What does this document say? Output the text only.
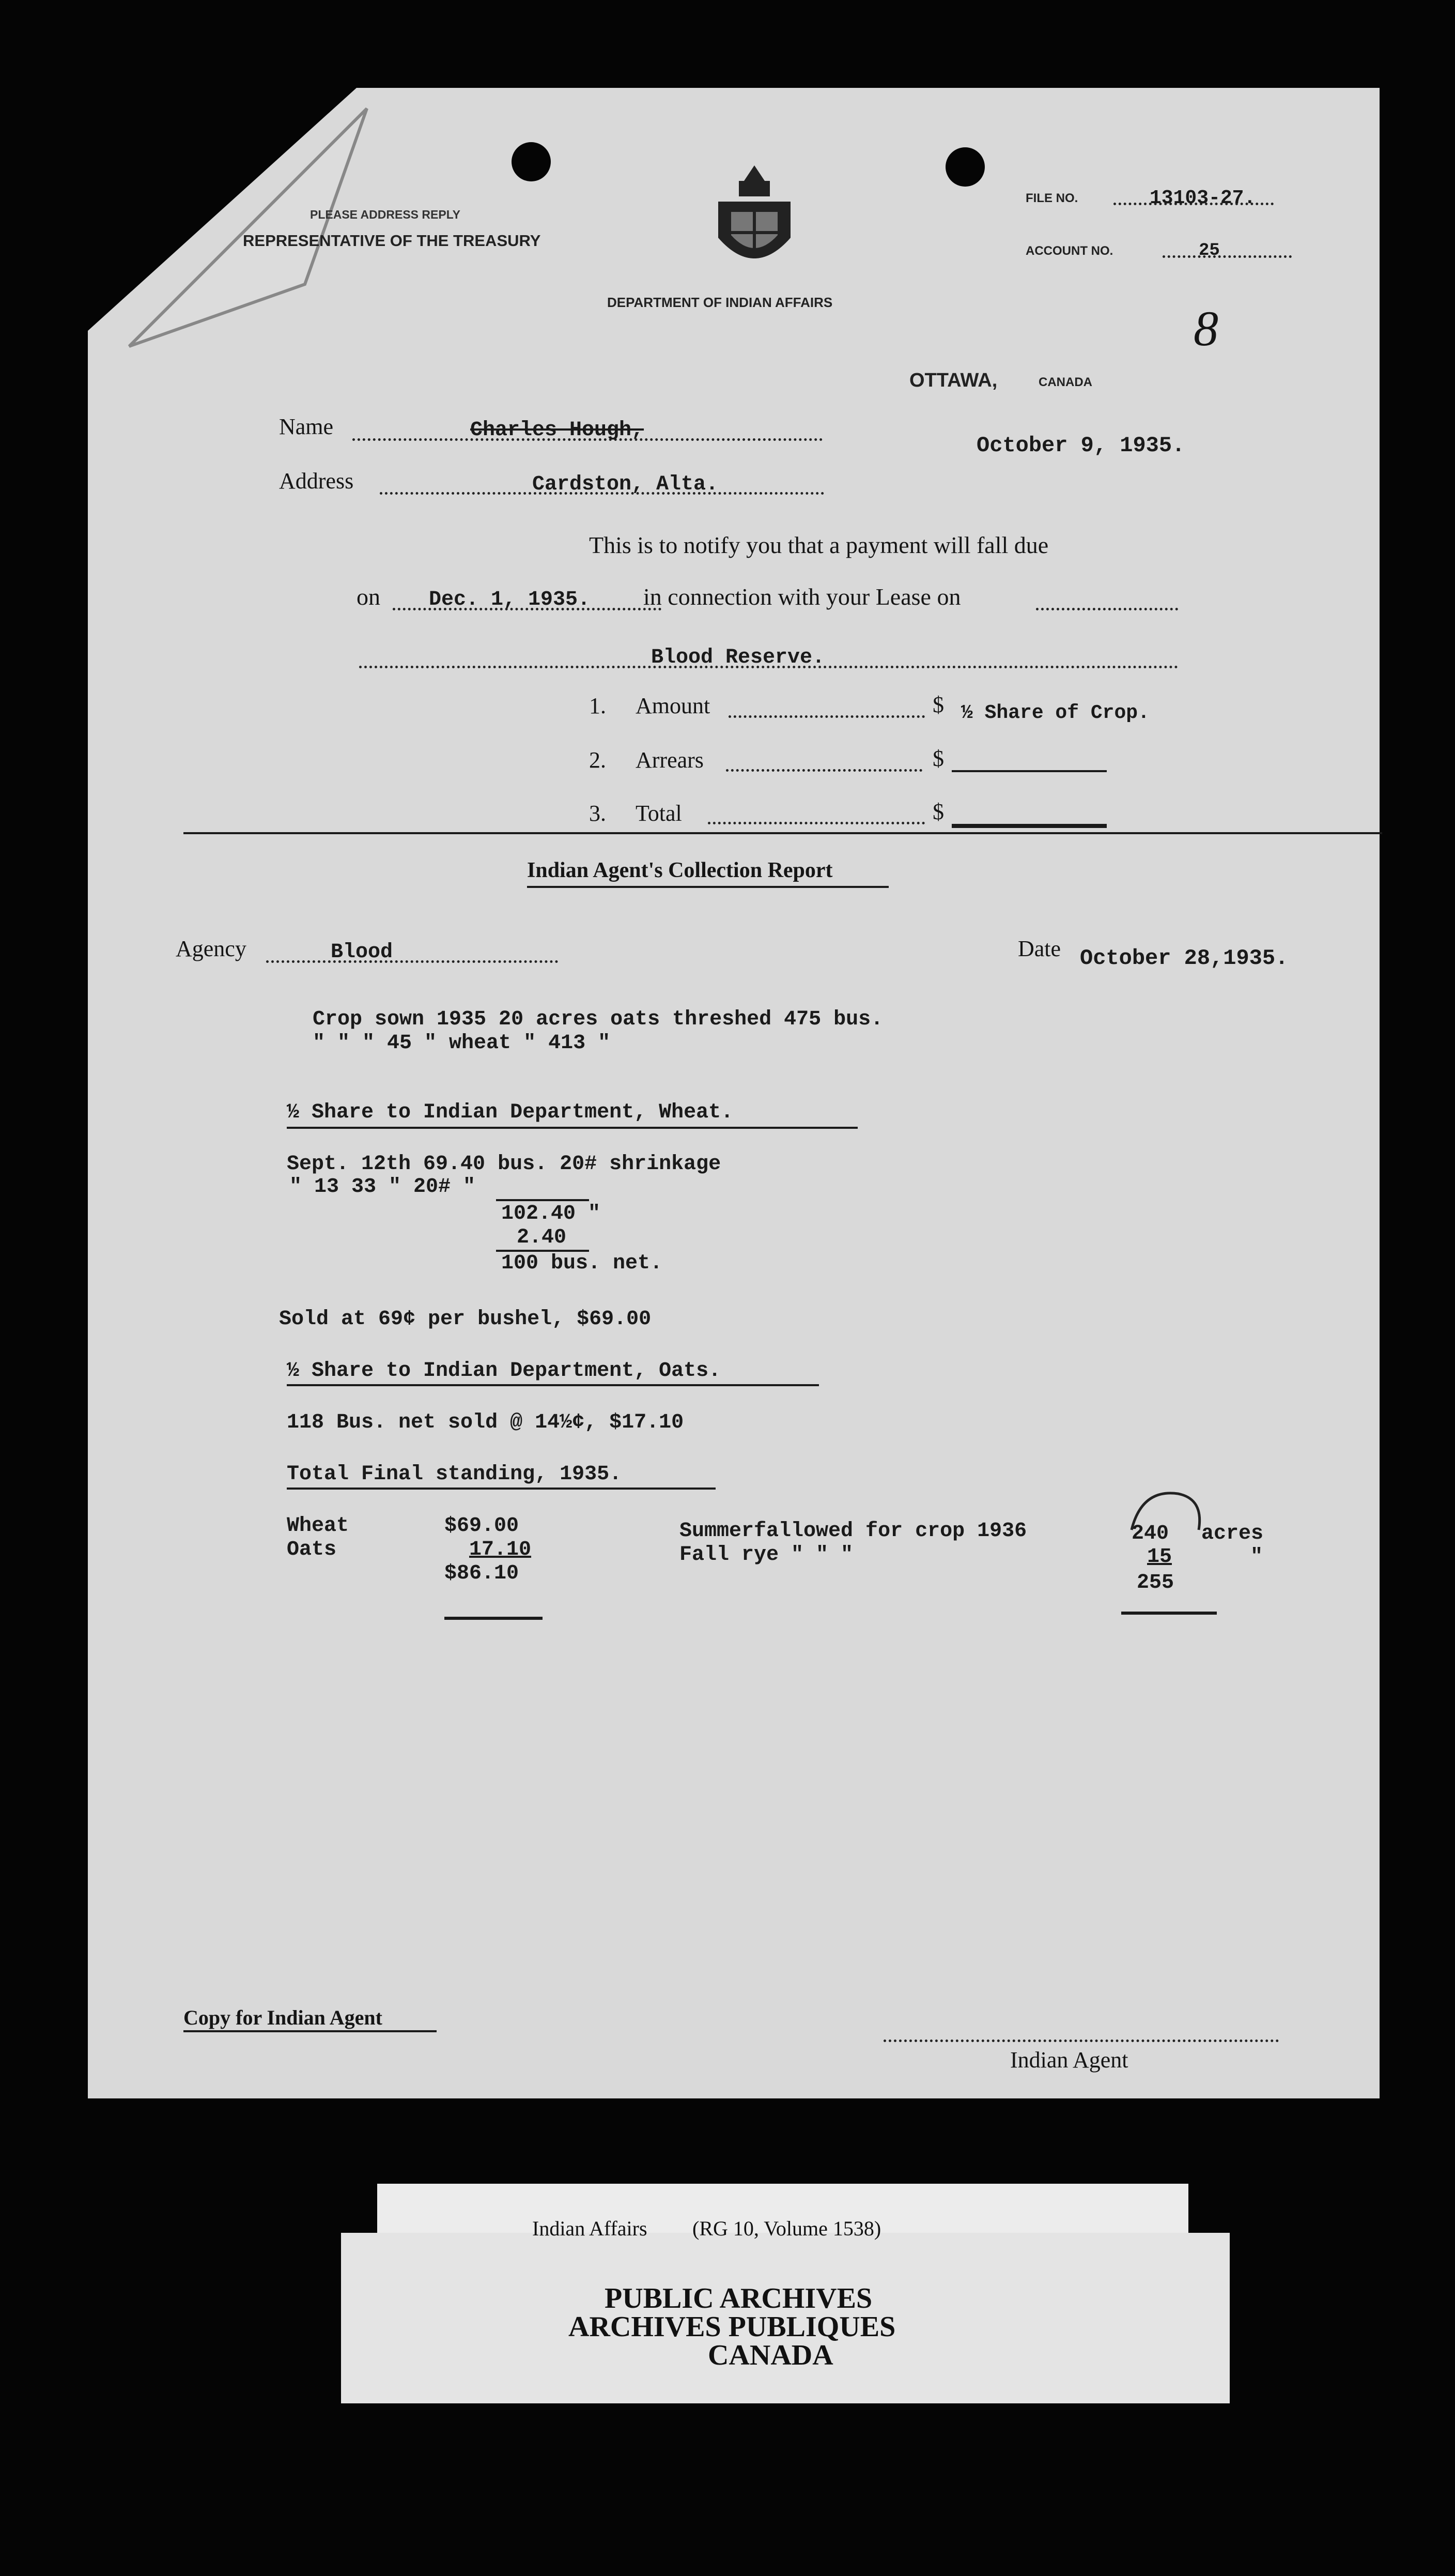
PLEASE ADDRESS REPLY
REPRESENTATIVE OF THE TREASURY
DEPARTMENT OF INDIAN AFFAIRS
FILE NO.	13103-27.
ACCOUNT NO.	25
8
OTTAWA,	CANADA
Name	Charles Hough,
October 9, 1935.
Address	Cardston, Alta.
This is to notify you that a payment will fall due
on Dec. 1, 1935. in connection with your Lease on
Blood Reserve.
1. Amount	$ ½ Share of Crop.
2. Arrears	$
3. Total	$
Indian Agent's Collection Report
Agency	Blood	Date October 28,1935.
Crop sown 1935 20 acres oats threshed 475 bus.
" " " 45 " wheat " 413 "
½ Share to Indian Department, Wheat.
Sept. 12th 69.40 bus. 20# shrinkage
" 13 33 " 20# "
102.40 "
2.40
100 bus. net.
Sold at 69¢ per bushel, $69.00
½ Share to Indian Department, Oats.
118 Bus. net sold @ 14½¢, $17.10
Total Final standing, 1935.
Wheat	$69.00
Oats	17.10
$86.10
Summerfallowed for crop 1936	240 acres
Fall rye " " "	15	"
255
Copy for Indian Agent
Indian Agent
Indian Affairs (RG 10, Volume 1538)
PUBLIC ARCHIVES
ARCHIVES PUBLIQUES
CANADA
